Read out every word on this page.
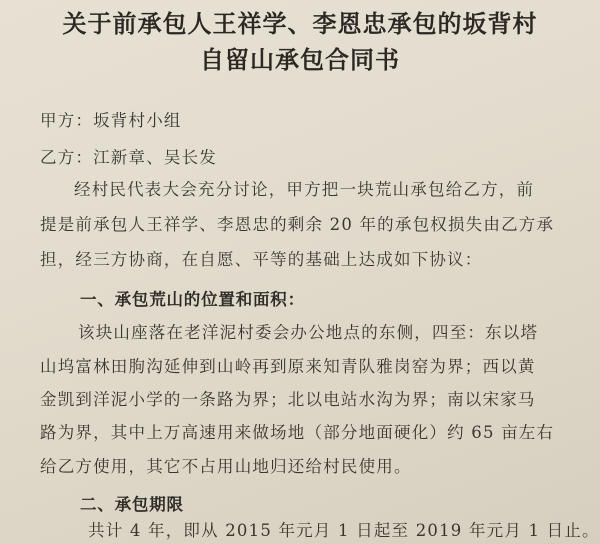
关于前承包人王祥学、李恩忠承包的坂背村
自留山承包合同书
甲方：坂背村小组
乙方：江新章、吴长发
经村民代表大会充分讨论，甲方把一块荒山承包给乙方，前
提是前承包人王祥学、李恩忠的剩余 20 年的承包权损失由乙方承
担，经三方协商，在自愿、平等的基础上达成如下协议：
一、承包荒山的位置和面积：
该块山座落在老洋泥村委会办公地点的东侧，四至：东以塔
山坞富林田朐沟延伸到山岭再到原来知青队雅岗窑为界；西以黄
金凯到洋泥小学的一条路为界；北以电站水沟为界；南以宋家马
路为界，其中上万高速用来做场地（部分地面硬化）约 65 亩左右
给乙方使用，其它不占用山地归还给村民使用。
二、承包期限
共计 4 年，即从 2015 年元月 1 日起至 2019 年元月 1 日止。
